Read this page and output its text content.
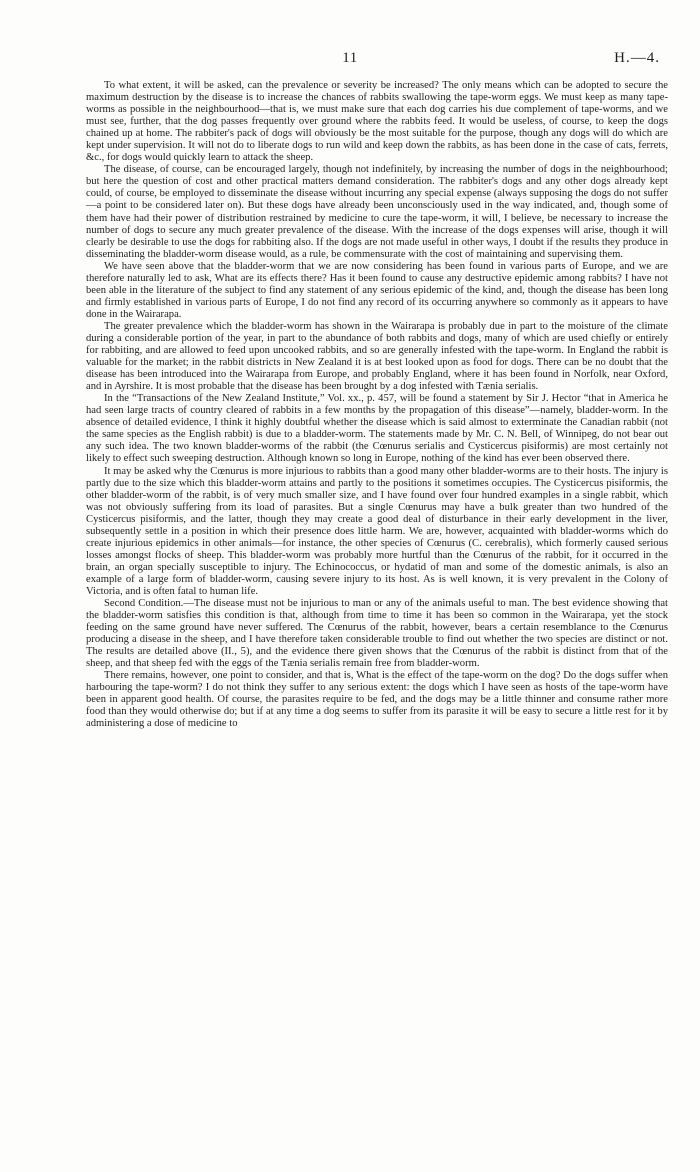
11	H.—4.

To what extent, it will be asked, can the prevalence or severity be increased? The only means which can be adopted to secure the maximum destruction by the disease is to increase the chances of rabbits swallowing the tape-worm eggs. We must keep as many tape-worms as possible in the neighbourhood—that is, we must make sure that each dog carries his due complement of tape-worms, and we must see, further, that the dog passes frequently over ground where the rabbits feed. It would be useless, of course, to keep the dogs chained up at home. The rabbiter's pack of dogs will obviously be the most suitable for the purpose, though any dogs will do which are kept under supervision. It will not do to liberate dogs to run wild and keep down the rabbits, as has been done in the case of cats, ferrets, &c., for dogs would quickly learn to attack the sheep.

The disease, of course, can be encouraged largely, though not indefinitely, by increasing the number of dogs in the neighbourhood; but here the question of cost and other practical matters demand consideration. The rabbiter's dogs and any other dogs already kept could, of course, be employed to disseminate the disease without incurring any special expense (always supposing the dogs do not suffer—a point to be considered later on). But these dogs have already been unconsciously used in the way indicated, and, though some of them have had their power of distribution restrained by medicine to cure the tape-worm, it will, I believe, be necessary to increase the number of dogs to secure any much greater prevalence of the disease. With the increase of the dogs expenses will arise, though it will clearly be desirable to use the dogs for rabbiting also. If the dogs are not made useful in other ways, I doubt if the results they produce in disseminating the bladder-worm disease would, as a rule, be commensurate with the cost of maintaining and supervising them.

We have seen above that the bladder-worm that we are now considering has been found in various parts of Europe, and we are therefore naturally led to ask, What are its effects there? Has it been found to cause any destructive epidemic among rabbits? I have not been able in the literature of the subject to find any statement of any serious epidemic of the kind, and, though the disease has been long and firmly established in various parts of Europe, I do not find any record of its occurring anywhere so commonly as it appears to have done in the Wairarapa.

The greater prevalence which the bladder-worm has shown in the Wairarapa is probably due in part to the moisture of the climate during a considerable portion of the year, in part to the abundance of both rabbits and dogs, many of which are used chiefly or entirely for rabbiting, and are allowed to feed upon uncooked rabbits, and so are generally infested with the tape-worm. In England the rabbit is valuable for the market; in the rabbit districts in New Zealand it is at best looked upon as food for dogs. There can be no doubt that the disease has been introduced into the Wairarapa from Europe, and probably England, where it has been found in Norfolk, near Oxford, and in Ayrshire. It is most probable that the disease has been brought by a dog infested with Tænia serialis.

In the “Transactions of the New Zealand Institute,” Vol. xx., p. 457, will be found a statement by Sir J. Hector “that in America he had seen large tracts of country cleared of rabbits in a few months by the propagation of this disease”—namely, bladder-worm. In the absence of detailed evidence, I think it highly doubtful whether the disease which is said almost to exterminate the Canadian rabbit (not the same species as the English rabbit) is due to a bladder-worm. The statements made by Mr. C. N. Bell, of Winnipeg, do not bear out any such idea. The two known bladder-worms of the rabbit (the Cœnurus serialis and Cysticercus pisiformis) are most certainly not likely to effect such sweeping destruction. Although known so long in Europe, nothing of the kind has ever been observed there.

It may be asked why the Cœnurus is more injurious to rabbits than a good many other bladder-worms are to their hosts. The injury is partly due to the size which this bladder-worm attains and partly to the positions it sometimes occupies. The Cysticercus pisiformis, the other bladder-worm of the rabbit, is of very much smaller size, and I have found over four hundred examples in a single rabbit, which was not obviously suffering from its load of parasites. But a single Cœnurus may have a bulk greater than two hundred of the Cysticercus pisiformis, and the latter, though they may create a good deal of disturbance in their early development in the liver, subsequently settle in a position in which their presence does little harm. We are, however, acquainted with bladder-worms which do create injurious epidemics in other animals—for instance, the other species of Cœnurus (C. cerebralis), which formerly caused serious losses amongst flocks of sheep. This bladder-worm was probably more hurtful than the Cœnurus of the rabbit, for it occurred in the brain, an organ specially susceptible to injury. The Echinococcus, or hydatid of man and some of the domestic animals, is also an example of a large form of bladder-worm, causing severe injury to its host. As is well known, it is very prevalent in the Colony of Victoria, and is often fatal to human life.

Second Condition.—The disease must not be injurious to man or any of the animals useful to man. The best evidence showing that the bladder-worm satisfies this condition is that, although from time to time it has been so common in the Wairarapa, yet the stock feeding on the same ground have never suffered. The Cœnurus of the rabbit, however, bears a certain resemblance to the Cœnurus producing a disease in the sheep, and I have therefore taken considerable trouble to find out whether the two species are distinct or not. The results are detailed above (II., 5), and the evidence there given shows that the Cœnurus of the rabbit is distinct from that of the sheep, and that sheep fed with the eggs of the Tænia serialis remain free from bladder-worm.

There remains, however, one point to consider, and that is, What is the effect of the tape-worm on the dog? Do the dogs suffer when harbouring the tape-worm? I do not think they suffer to any serious extent: the dogs which I have seen as hosts of the tape-worm have been in apparent good health. Of course, the parasites require to be fed, and the dogs may be a little thinner and consume rather more food than they would otherwise do; but if at any time a dog seems to suffer from its parasite it will be easy to secure a little rest for it by administering a dose of medicine to
